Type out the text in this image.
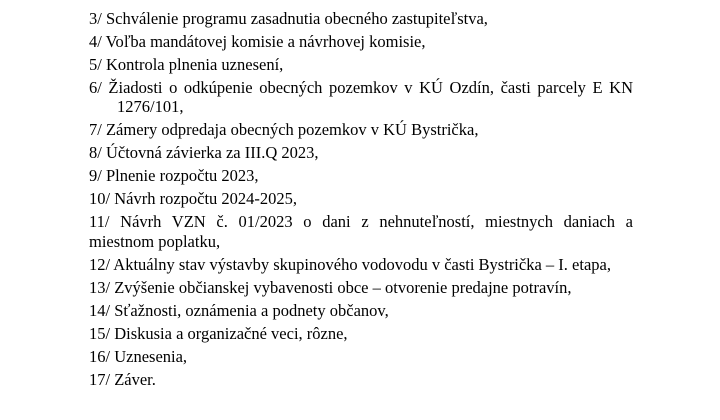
3/ Schválenie programu zasadnutia obecného zastupiteľstva,
4/ Voľba mandátovej komisie a návrhovej komisie,
5/ Kontrola plnenia uznesení,
6/ Žiadosti o odkúpenie obecných pozemkov v KÚ Ozdín, časti parcely E KN
1276/101,
7/ Zámery odpredaja obecných pozemkov v KÚ Bystrička,
8/ Účtovná závierka za III.Q 2023,
9/ Plnenie rozpočtu 2023,
10/ Návrh rozpočtu 2024-2025,
11/ Návrh VZN č. 01/2023 o dani z nehnuteľností, miestnych daniach a
miestnom poplatku,
12/ Aktuálny stav výstavby skupinového vodovodu v časti Bystrička – I. etapa,
13/ Zvýšenie občianskej vybavenosti obce – otvorenie predajne potravín,
14/ Sťažnosti, oznámenia a podnety občanov,
15/ Diskusia a organizačné veci, rôzne,
16/ Uznesenia,
17/ Záver.
